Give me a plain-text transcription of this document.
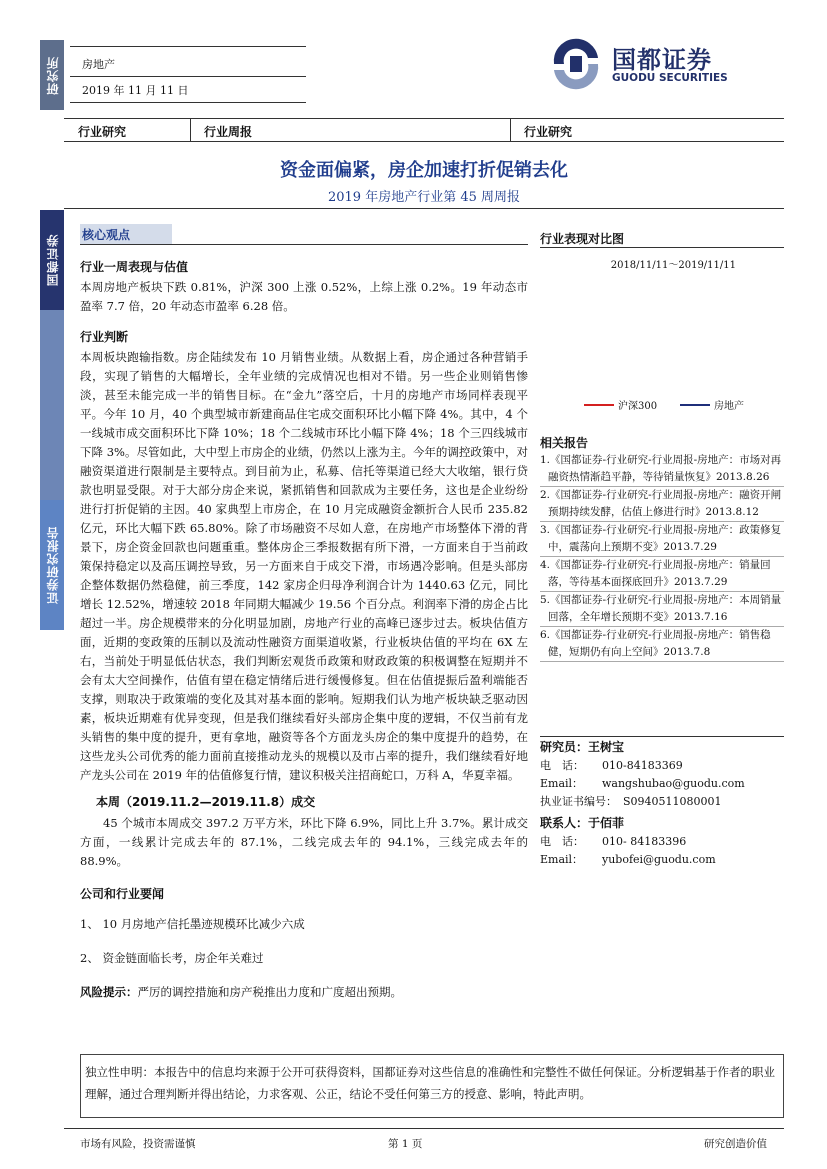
研究所
国都证券
证券研究报告
房地产
2019 年 11 月 11 日
国都证券
GUODU SECURITIES
行业研究	行业周报	行业研究
资金面偏紧，房企加速打折促销去化
2019 年房地产行业第 45 周周报
核心观点
行业一周表现与估值
本周房地产板块下跌 0.81%，沪深 300 上涨 0.52%，上综上涨 0.2%。19 年动态市盈率 7.7 倍，20 年动态市盈率 6.28 倍。
行业判断
本周板块跑输指数。房企陆续发布 10 月销售业绩。从数据上看，房企通过各种营销手段，实现了销售的大幅增长，全年业绩的完成情况也相对不错。另一些企业则销售惨淡，甚至未能完成一半的销售目标。在“金九”落空后，十月的房地产市场同样表现平平。今年 10 月，40 个典型城市新建商品住宅成交面积环比小幅下降 4%。其中，4 个一线城市成交面积环比下降 10%；18 个二线城市环比小幅下降 4%；18 个三四线城市下降 3%。尽管如此，大中型上市房企的业绩，仍然以上涨为主。今年的调控政策中，对融资渠道进行限制是主要特点。到目前为止，私募、信托等渠道已经大大收缩，银行贷款也明显受限。对于大部分房企来说，紧抓销售和回款成为主要任务，这也是企业纷纷进行打折促销的主因。40 家典型上市房企，在 10 月完成融资金额折合人民币 235.82 亿元，环比大幅下跌 65.80%。除了市场融资不尽如人意，在房地产市场整体下滑的背景下，房企资金回款也问题重重。整体房企三季报数据有所下滑，一方面来自于当前政策保持稳定以及高压调控导致，另一方面来自于成交下滑，市场遇冷影响。但是头部房企整体数据仍然稳健，前三季度，142 家房企归母净利润合计为 1440.63 亿元，同比增长 12.52%，增速较 2018 年同期大幅减少 19.56 个百分点。利润率下滑的房企占比超过一半。房企规模带来的分化明显加剧，房地产行业的高峰已逐步过去。板块估值方面，近期的变政策的压制以及流动性融资方面渠道收紧，行业板块估值的平均在 6X 左右，当前处于明显低估状态，我们判断宏观货币政策和财政政策的积极调整在短期并不会有太大空间操作，估值有望在稳定情绪后进行缓慢修复。但在估值提振后盈利端能否支撑，则取决于政策端的变化及其对基本面的影响。短期我们认为地产板块缺乏驱动因素，板块近期难有优异变现，但是我们继续看好头部房企集中度的逻辑，不仅当前有龙头销售的集中度的提升，更有拿地，融资等各个方面龙头房企的集中度提升的趋势，在这些龙头公司优秀的能力面前直接推动龙头的规模以及市占率的提升，我们继续看好地产龙头公司在 2019 年的估值修复行情，建议积极关注招商蛇口，万科 A，华夏幸福。
本周（2019.11.2—2019.11.8）成交
45 个城市本周成交 397.2 万平方米，环比下降 6.9%，同比上升 3.7%。累计成交方面，一线累计完成去年的 87.1%，二线完成去年的 94.1%，三线完成去年的 88.9%。
公司和行业要闻
1、 10 月房地产信托墨迹规模环比减少六成
2、 资金链面临长考，房企年关难过
风险提示：严厉的调控措施和房产税推出力度和广度超出预期。
行业表现对比图
2018/11/11～2019/11/11
沪深300	房地产
相关报告
1.《国都证券-行业研究-行业周报-房地产：市场对再融资热情渐趋平静，等待销量恢复》2013.8.26
2.《国都证券-行业研究-行业周报-房地产：融资开闸预期持续发酵，估值上修进行时》2013.8.12
3.《国都证券-行业研究-行业周报-房地产：政策修复中，震荡向上预期不变》2013.7.29
4.《国都证券-行业研究-行业周报-房地产：销量回落，等待基本面探底回升》2013.7.29
5.《国都证券-行业研究-行业周报-房地产：本周销量回落，全年增长预期不变》2013.7.16
6.《国都证券-行业研究-行业周报-房地产：销售稳健，短期仍有向上空间》2013.7.8
研究员：王树宝
电　话：	010-84183369
Email：	wangshubao@guodu.com
执业证书编号： S0940511080001
联系人：于佰菲
电　话：	010- 84183396
Email：	yubofei@guodu.com
独立性申明：本报告中的信息均来源于公开可获得资料，国都证券对这些信息的准确性和完整性不做任何保证。分析逻辑基于作者的职业理解，通过合理判断并得出结论，力求客观、公正，结论不受任何第三方的授意、影响，特此声明。
市场有风险，投资需谨慎	第 1 页	研究创造价值
